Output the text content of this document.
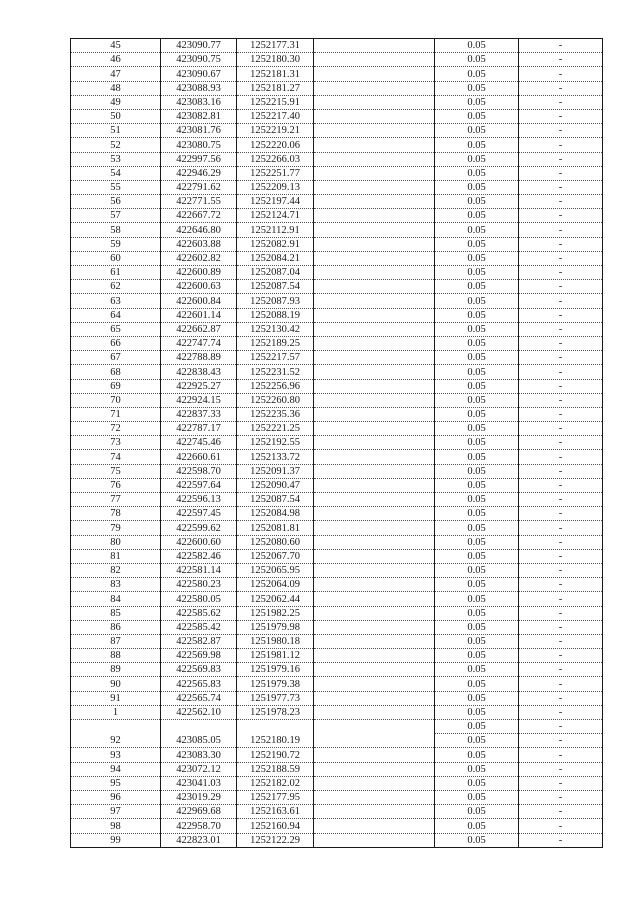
45	423090.77	1252177.31		0.05	-
46	423090.75	1252180.30		0.05	-
47	423090.67	1252181.31		0.05	-
48	423088.93	1252181.27		0.05	-
49	423083.16	1252215.91		0.05	-
50	423082.81	1252217.40		0.05	-
51	423081.76	1252219.21		0.05	-
52	423080.75	1252220.06		0.05	-
53	422997.56	1252266.03		0.05	-
54	422946.29	1252251.77		0.05	-
55	422791.62	1252209.13		0.05	-
56	422771.55	1252197.44		0.05	-
57	422667.72	1252124.71		0.05	-
58	422646.80	1252112.91		0.05	-
59	422603.88	1252082.91		0.05	-
60	422602.82	1252084.21		0.05	-
61	422600.89	1252087.04		0.05	-
62	422600.63	1252087.54		0.05	-
63	422600.84	1252087.93		0.05	-
64	422601.14	1252088.19		0.05	-
65	422662.87	1252130.42		0.05	-
66	422747.74	1252189.25		0.05	-
67	422788.89	1252217.57		0.05	-
68	422838.43	1252231.52		0.05	-
69	422925.27	1252256.96		0.05	-
70	422924.15	1252260.80		0.05	-
71	422837.33	1252235.36		0.05	-
72	422787.17	1252221.25		0.05	-
73	422745.46	1252192.55		0.05	-
74	422660.61	1252133.72		0.05	-
75	422598.70	1252091.37		0.05	-
76	422597.64	1252090.47		0.05	-
77	422596.13	1252087.54		0.05	-
78	422597.45	1252084.98		0.05	-
79	422599.62	1252081.81		0.05	-
80	422600.60	1252080.60		0.05	-
81	422582.46	1252067.70		0.05	-
82	422581.14	1252065.95		0.05	-
83	422580.23	1252064.09		0.05	-
84	422580.05	1252062.44		0.05	-
85	422585.62	1251982.25		0.05	-
86	422585.42	1251979.98		0.05	-
87	422582.87	1251980.18		0.05	-
88	422569.98	1251981.12		0.05	-
89	422569.83	1251979.16		0.05	-
90	422565.83	1251979.38		0.05	-
91	422565.74	1251977.73		0.05	-
1	422562.10	1251978.23		0.05	-
				0.05	-
92	423085.05	1252180.19		0.05	-
93	423083.30	1252190.72		0.05	-
94	423072.12	1252188.59		0.05	-
95	423041.03	1252182.02		0.05	-
96	423019.29	1252177.95		0.05	-
97	422969.68	1252163.61		0.05	-
98	422958.70	1252160.94		0.05	-
99	422823.01	1252122.29		0.05	-
